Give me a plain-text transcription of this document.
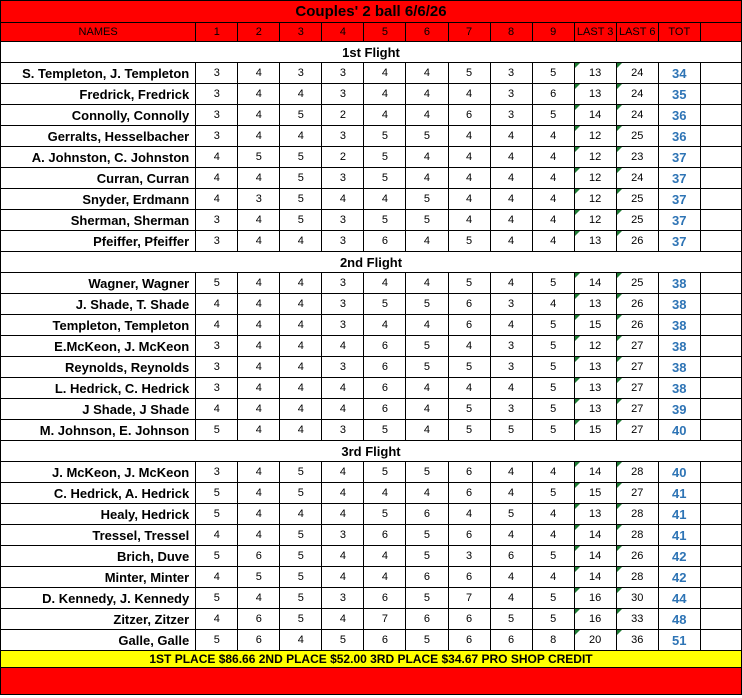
Couples' 2 ball 6/6/26													
NAMES	1	2	3	4	5	6	7	8	9	LAST 3	LAST 6	TOT	
1st Flight													
S. Templeton, J. Templeton	3	4	3	3	4	4	5	3	5	13	24	34	
Fredrick, Fredrick	3	4	4	3	4	4	4	3	6	13	24	35	
Connolly, Connolly	3	4	5	2	4	4	6	3	5	14	24	36	
Gerralts, Hesselbacher	3	4	4	3	5	5	4	4	4	12	25	36	
A. Johnston, C. Johnston	4	5	5	2	5	4	4	4	4	12	23	37	
Curran, Curran	4	4	5	3	5	4	4	4	4	12	24	37	
Snyder, Erdmann	4	3	5	4	4	5	4	4	4	12	25	37	
Sherman, Sherman	3	4	5	3	5	5	4	4	4	12	25	37	
Pfeiffer, Pfeiffer	3	4	4	3	6	4	5	4	4	13	26	37	
2nd Flight													
Wagner, Wagner	5	4	4	3	4	4	5	4	5	14	25	38	
J. Shade, T. Shade	4	4	4	3	5	5	6	3	4	13	26	38	
Templeton, Templeton	4	4	4	3	4	4	6	4	5	15	26	38	
E.McKeon, J. McKeon	3	4	4	4	6	5	4	3	5	12	27	38	
Reynolds, Reynolds	3	4	4	3	6	5	5	3	5	13	27	38	
L. Hedrick, C. Hedrick	3	4	4	4	6	4	4	4	5	13	27	38	
J Shade, J Shade	4	4	4	4	6	4	5	3	5	13	27	39	
M. Johnson, E. Johnson	5	4	4	3	5	4	5	5	5	15	27	40	
3rd Flight													
J. McKeon, J. McKeon	3	4	5	4	5	5	6	4	4	14	28	40	
C. Hedrick, A. Hedrick	5	4	5	4	4	4	6	4	5	15	27	41	
Healy, Hedrick	5	4	4	4	5	6	4	5	4	13	28	41	
Tressel, Tressel	4	4	5	3	6	5	6	4	4	14	28	41	
Brich, Duve	5	6	5	4	4	5	3	6	5	14	26	42	
Minter, Minter	4	5	5	4	4	6	6	4	4	14	28	42	
D. Kennedy, J. Kennedy	5	4	5	3	6	5	7	4	5	16	30	44	
Zitzer, Zitzer	4	6	5	4	7	6	6	5	5	16	33	48	
Galle, Galle	5	6	4	5	6	5	6	6	8	20	36	51	
1ST PLACE $86.66 2ND PLACE $52.00 3RD PLACE $34.67 PRO SHOP CREDIT													
